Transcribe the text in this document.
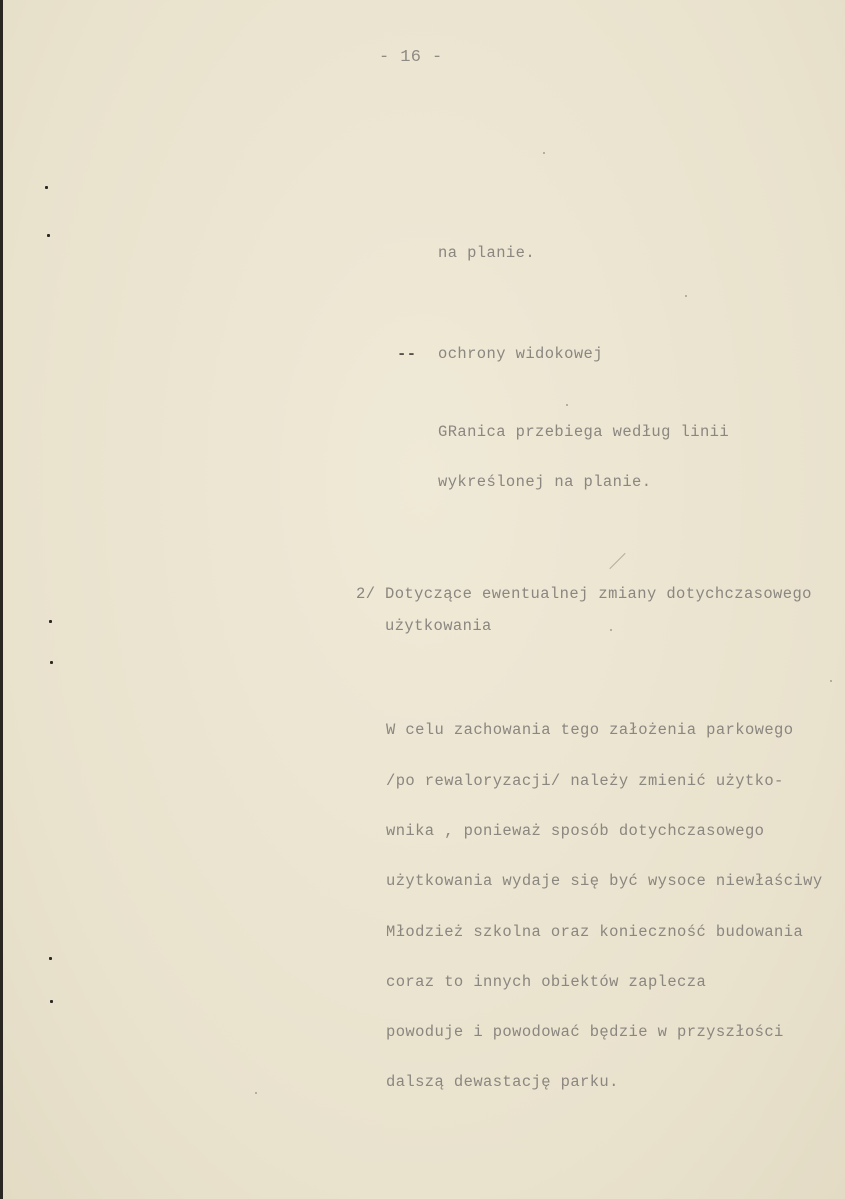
- 16 -
na planie.
-- ochrony widokowej
GRanica przebiega według linii
wykreślonej na planie.
2/ Dotyczące ewentualnej zmiany dotychczasowego
użytkowania
W celu zachowania tego założenia parkowego
/po rewaloryzacji/ należy zmienić użytko-
wnika , ponieważ sposób dotychczasowego
użytkowania wydaje się być wysoce niewłaściwy
Młodzież szkolna oraz konieczność budowania
coraz to innych obiektów zaplecza
powoduje i powodować będzie w przyszłości
dalszą dewastację parku.
